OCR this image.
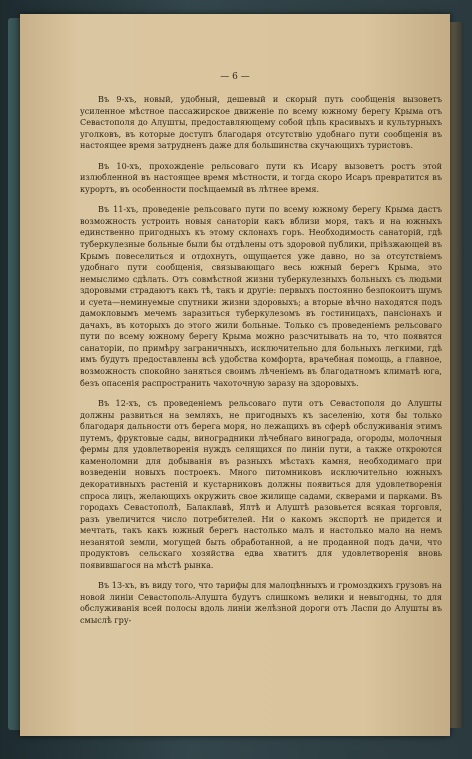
— 6 —

Въ 9-хъ, новый, удобный, дешевый и скорый путь сообщенія вызоветъ усиленное мѣстное пассажирское движеніе по всему южному берегу Крыма отъ Севастополя до Алушты, предоставляющему собой цѣпь красивыхъ и культурныхъ уголковъ, въ которые доступъ благодаря отсутствію удобнаго пути сообщенія въ настоящее время затрудненъ даже для большинства скучающихъ туристовъ.

Въ 10-хъ, прохожденіе рельсоваго пути къ Исару вызоветъ ростъ этой излюбленной въ настоящее время мѣстности, и тогда скоро Исаръ превратится въ курортъ, въ особенности посѣщаемый въ лѣтнее время.

Въ 11-хъ, проведеніе рельсоваго пути по всему южному берегу Крыма дастъ возможность устроить новыя санаторіи какъ вблизи моря, такъ и на южныхъ единственно пригодныхъ къ этому склонахъ горъ. Необходимость санаторій, гдѣ туберкулезные больные были бы отдѣлены отъ здоровой публики, пріѣзжающей въ Крымъ повеселиться и отдохнуть, ощущается уже давно, но за отсутствіемъ удобнаго пути сообщенія, связывающаго весь южный берегъ Крыма, это немыслимо сдѣлать. Отъ совмѣстной жизни туберкулезныхъ больныхъ съ людьми здоровыми страдаютъ какъ тѣ, такъ и другіе: первыхъ постоянно безпокоитъ шумъ и суета—неминуемые спутники жизни здоровыхъ; а вторые вѣчно находятся подъ дамокловымъ мечемъ заразиться туберкулезомъ въ гостиницахъ, пансіонахъ и дачахъ, въ которыхъ до этого жили больные. Только съ проведеніемъ рельсоваго пути по всему южному берегу Крыма можно разсчитывать на то, что появятся санаторіи, по примѣру заграничныхъ, исключительно для больныхъ легкими, гдѣ имъ будутъ предоставлены всѣ удобства комфорта, врачебная помощь, а главное, возможность спокойно заняться своимъ лѣченіемъ въ благодатномъ климатѣ юга, безъ опасенія распространить чахоточную заразу на здоровыхъ.

Въ 12-хъ, съ проведеніемъ рельсоваго пути отъ Севастополя до Алушты должны развиться на земляхъ, не пригодныхъ къ заселенію, хотя бы только благодаря дальности отъ берега моря, но лежащихъ въ сферѣ обслуживанія этимъ путемъ, фруктовые сады, виноградники лѣчебнаго винограда, огороды, молочныя фермы для удовлетворенія нуждъ селящихся по линіи пути, а также откроются каменоломни для добыванія въ разныхъ мѣстахъ камня, необходимаго при возведеніи новыхъ построекъ. Много питомниковъ исключительно южныхъ декоративныхъ растеній и кустарниковъ должны появиться для удовлетворенія спроса лицъ, желающихъ окружить свое жилище садами, скверами и парками. Въ городахъ Севастополѣ, Балаклавѣ, Ялтѣ и Алуштѣ разовьется всякая торговля, разъ увеличится число потребителей. Ни о какомъ экспортѣ не придется и мечтать, такъ какъ южный берегъ настолько малъ и настолько мало на немъ незанятой земли, могущей быть обработанной, а не проданной подъ дачи, что продуктовъ сельскаго хозяйства едва хватитъ для удовлетворенія вновь появившагося на мѣстѣ рынка.

Въ 13-хъ, въ виду того, что тарифы для малоцѣнныхъ и громоздкихъ грузовъ на новой линіи Севастополь-Алушта будутъ слишкомъ велики и невыгодны, то для обслуживанія всей полосы вдоль линіи желѣзной дороги отъ Ласпи до Алушты въ смыслѣ гру-
